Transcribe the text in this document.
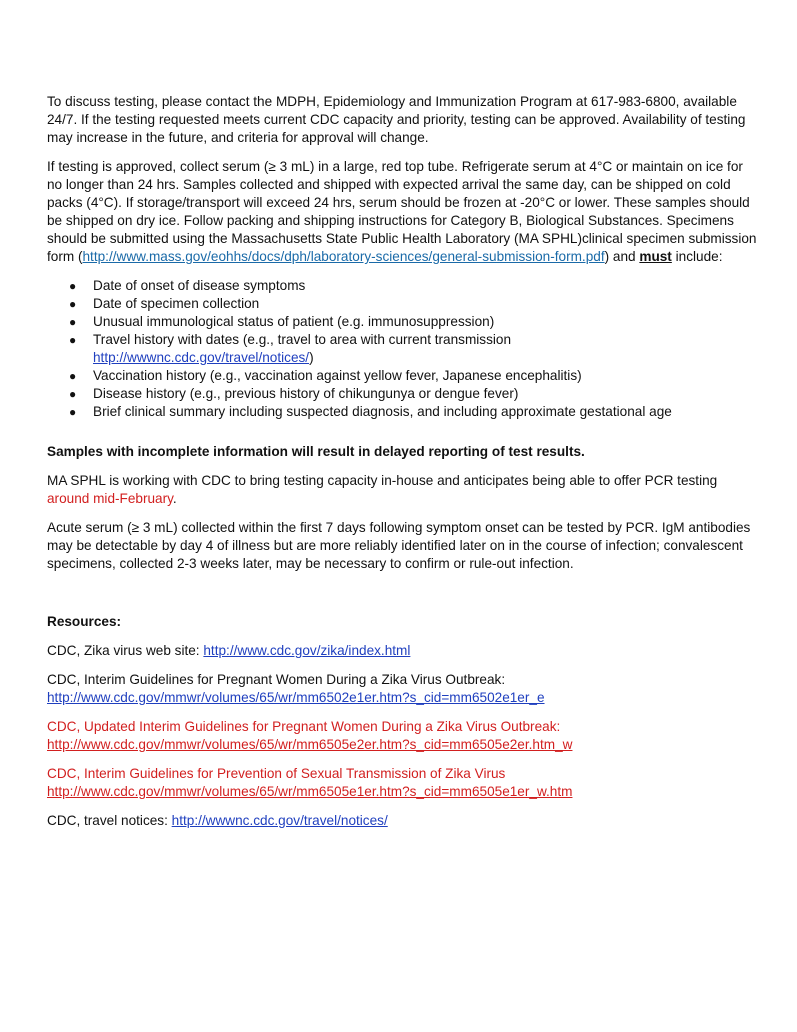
To discuss testing, please contact the MDPH, Epidemiology and Immunization Program at 617-983-6800, available 24/7. If the testing requested meets current CDC capacity and priority, testing can be approved. Availability of testing may increase in the future, and criteria for approval will change.

If testing is approved, collect serum (≥ 3 mL) in a large, red top tube. Refrigerate serum at 4°C or maintain on ice for no longer than 24 hrs. Samples collected and shipped with expected arrival the same day, can be shipped on cold packs (4°C). If storage/transport will exceed 24 hrs, serum should be frozen at -20°C or lower. These samples should be shipped on dry ice. Follow packing and shipping instructions for Category B, Biological Substances. Specimens should be submitted using the Massachusetts State Public Health Laboratory (MA SPHL)clinical specimen submission form (http://www.mass.gov/eohhs/docs/dph/laboratory-sciences/general-submission-form.pdf) and must include:

● Date of onset of disease symptoms
● Date of specimen collection
● Unusual immunological status of patient (e.g. immunosuppression)
● Travel history with dates (e.g., travel to area with current transmission
http://wwwnc.cdc.gov/travel/notices/)
● Vaccination history (e.g., vaccination against yellow fever, Japanese encephalitis)
● Disease history (e.g., previous history of chikungunya or dengue fever)
● Brief clinical summary including suspected diagnosis, and including approximate gestational age

Samples with incomplete information will result in delayed reporting of test results.

MA SPHL is working with CDC to bring testing capacity in-house and anticipates being able to offer PCR testing around mid-February.

Acute serum (≥ 3 mL) collected within the first 7 days following symptom onset can be tested by PCR. IgM antibodies may be detectable by day 4 of illness but are more reliably identified later on in the course of infection; convalescent specimens, collected 2-3 weeks later, may be necessary to confirm or rule-out infection.

Resources:

CDC, Zika virus web site: http://www.cdc.gov/zika/index.html

CDC, Interim Guidelines for Pregnant Women During a Zika Virus Outbreak:
http://www.cdc.gov/mmwr/volumes/65/wr/mm6502e1er.htm?s_cid=mm6502e1er_e

CDC, Updated Interim Guidelines for Pregnant Women During a Zika Virus Outbreak:
http://www.cdc.gov/mmwr/volumes/65/wr/mm6505e2er.htm?s_cid=mm6505e2er.htm_w

CDC, Interim Guidelines for Prevention of Sexual Transmission of Zika Virus
http://www.cdc.gov/mmwr/volumes/65/wr/mm6505e1er.htm?s_cid=mm6505e1er_w.htm

CDC, travel notices: http://wwwnc.cdc.gov/travel/notices/
